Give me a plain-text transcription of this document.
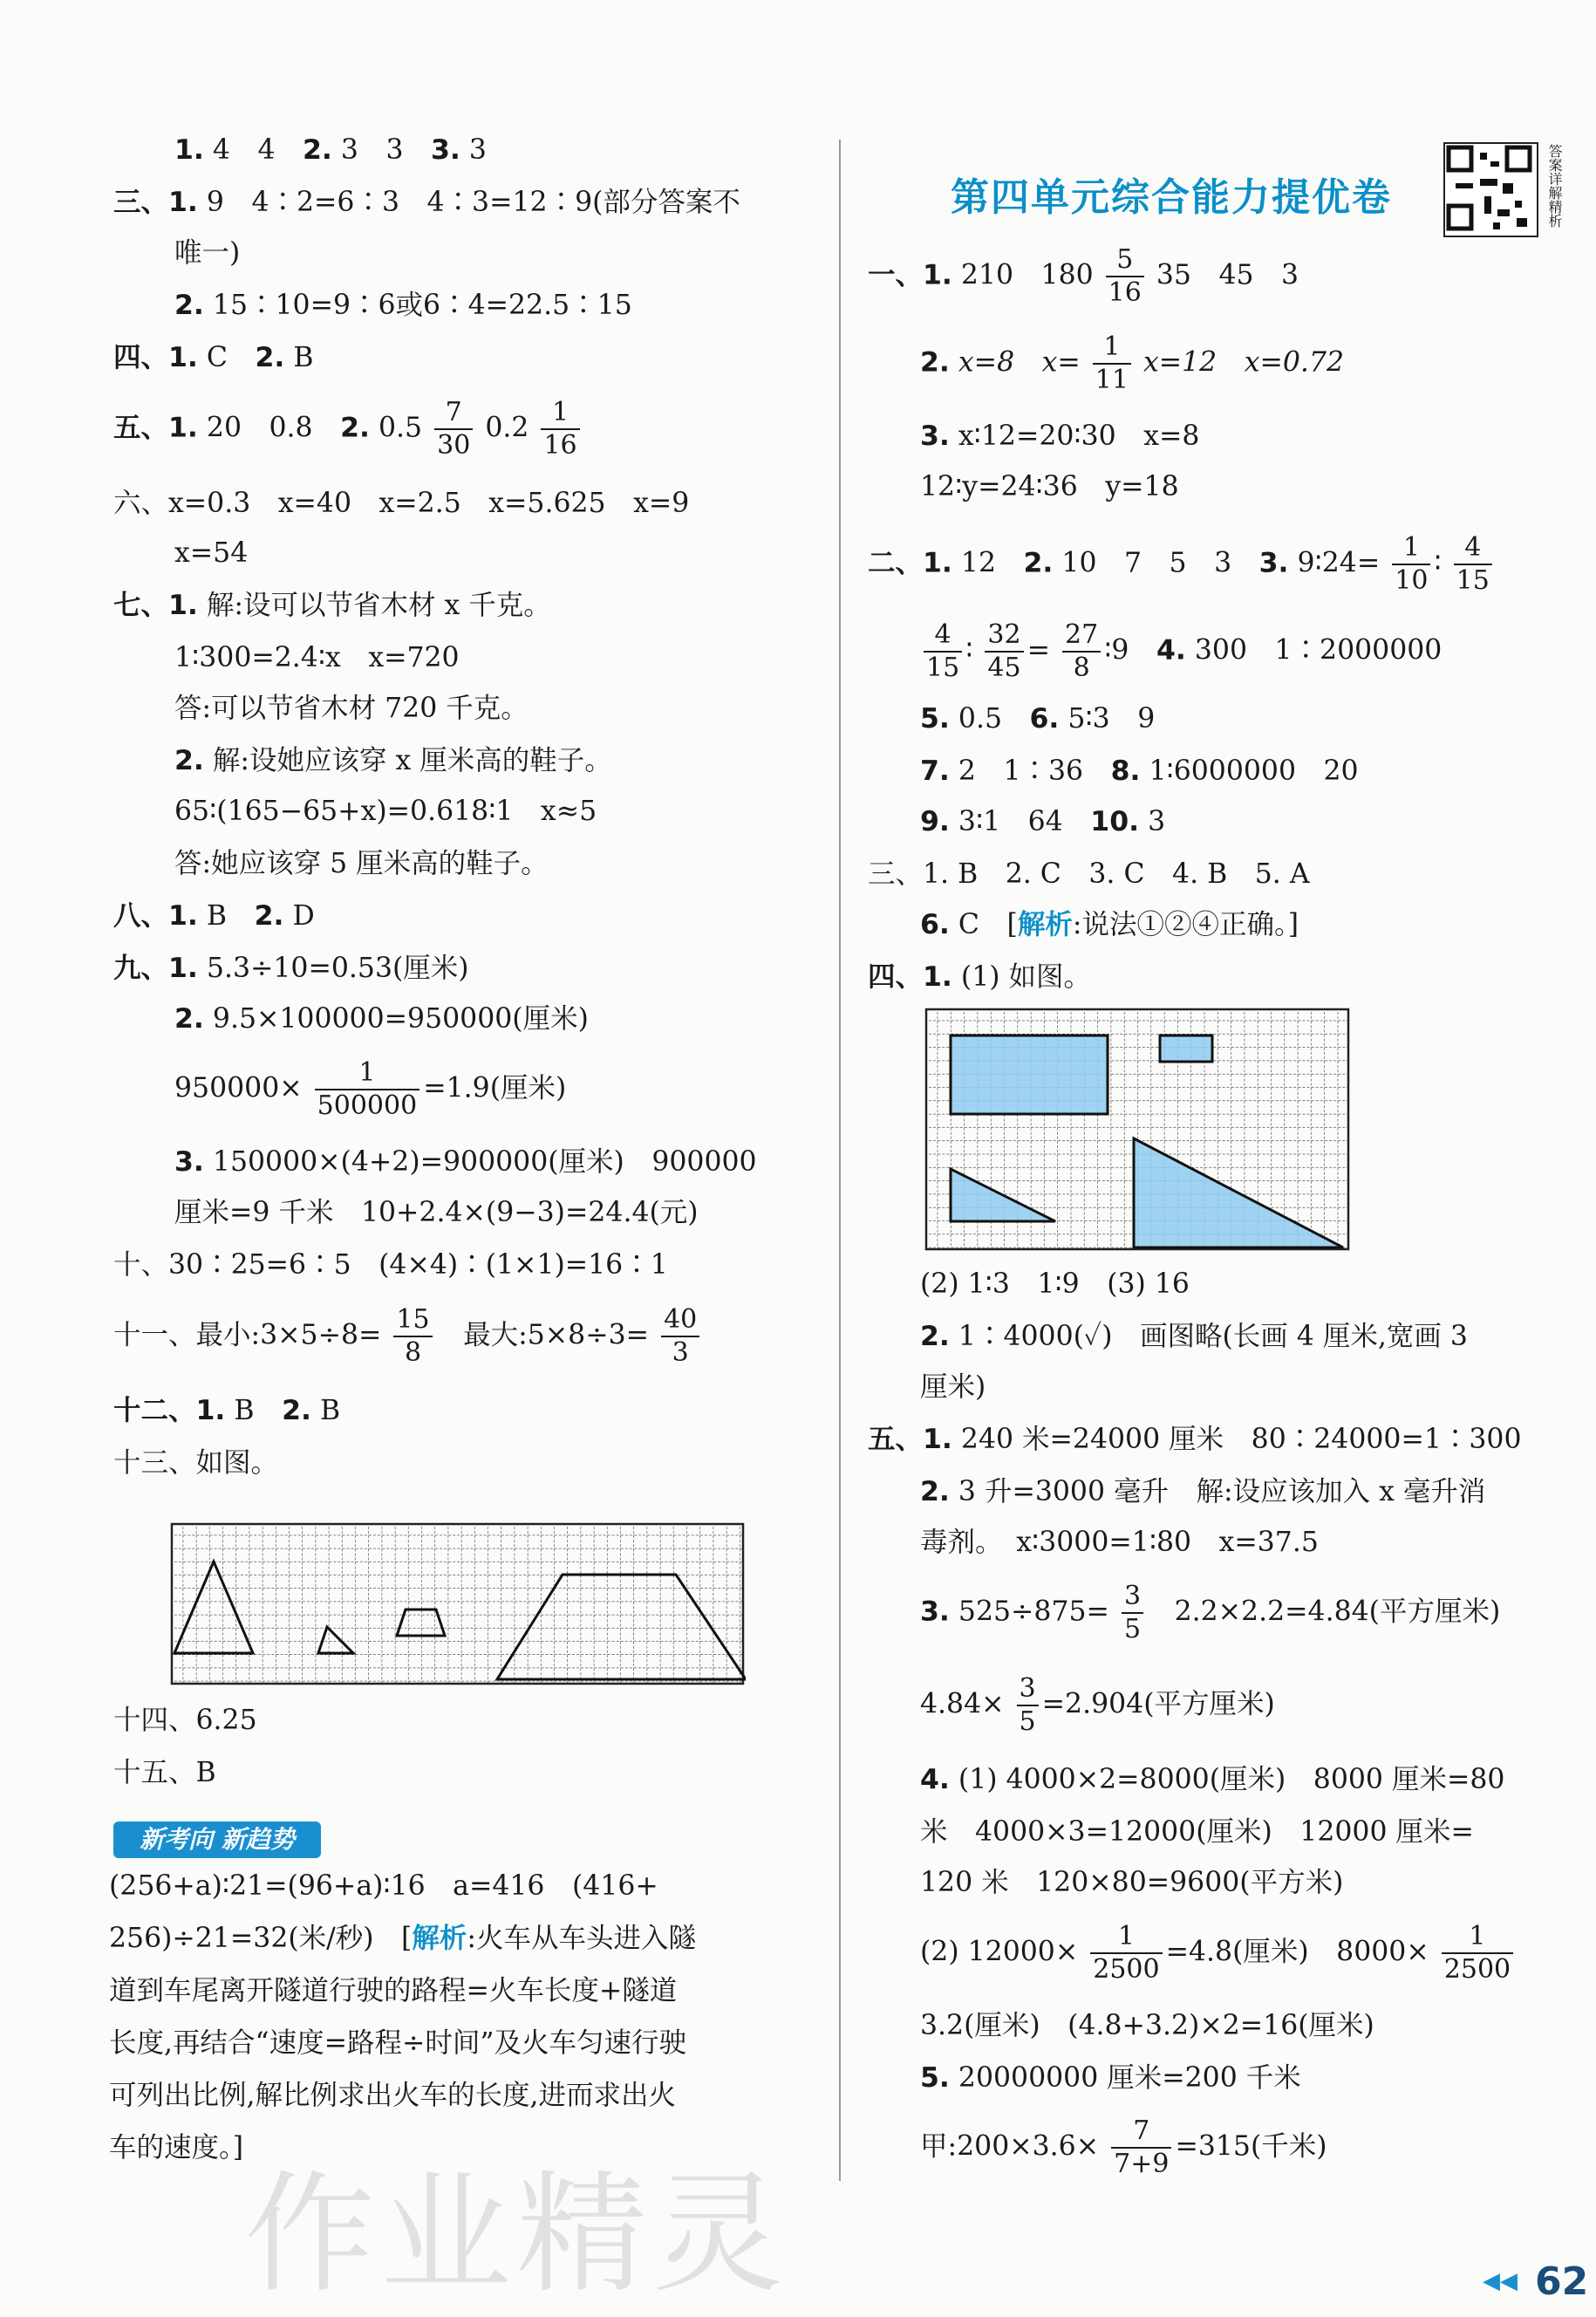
1. 4　4　2. 3　3　3. 3
三、1. 9　4∶2=6∶3　4∶3=12∶9(部分答案不
唯一)
2. 15∶10=9∶6或6∶4=22.5∶15
四、1. C　2. B
五、1. 20　0.8　2. $0.5 \frac{7}{30} 0.2 \frac{1}{16}$
六、x=0.3　x=40　x=2.5　x=5.625　x=9
x=54
七、1. 解:设可以节省木材 x 千克。
1∶300=2.4∶x　x=720
答:可以节省木材 720 千克。
2. 解:设她应该穿 x 厘米高的鞋子。
65∶(165−65+x)=0.618∶1　x≈5
答:她应该穿 5 厘米高的鞋子。
八、1. B　2. D
九、1. 5.3÷10=0.53(厘米)
2. 9.5×100000=950000(厘米)
$950000\times \frac{1}{500000} =1.9$(厘米)
3. 150000×(4+2)=900000(厘米)　900000
厘米=9 千米　10+2.4×(9−3)=24.4(元)
十、30∶25=6∶5　(4×4)∶(1×1)=16∶1
十一、最小:3×5÷8= $\frac{15}{8}$ 　最大:5×8÷3= $\frac{40}{3}$
十二、1. B　2. B
十三、如图。
十四、6.25
十五、B
(256+a)∶21=(96+a)∶16　a=416　(416+
256)÷21=32(米/秒)　[解析:火车从车头进入隧
道到车尾离开隧道行驶的路程=火车长度+隧道
长度,再结合“速度=路程÷时间”及火车匀速行驶
可列出比例,解比例求出火车的长度,进而求出火
车的速度。]
新考向 新趋势
第四单元综合能力提优卷	答案详解精析
一、1. 210　$180 \frac{5}{16} 35$　45　3
2. x=8　$x= \frac{1}{11} x=12$　x=0.72
3. x∶12=20∶30　x=8
12∶y=24∶36　y=18
二、1. 12　2. 10　7　5　3　3. 9∶24= $\frac{1}{10}$ ∶ $\frac{4}{15}$
$\frac{4}{15}$ ∶ $\frac{32}{45} = \frac{27}{8}$ ∶9　4. 300　1∶2000000
5. 0.5　6. 5∶3　9
7. 2　1∶36　8. 1∶6000000　20
9. 3∶1　64　10. 3
三、1. B　2. C　3. C　4. B　5. A
6. C　[解析:说法①②④正确。]
四、1. (1) 如图。
(2) 1∶3　1∶9　(3) 16
2. 1∶4000(✓)　画图略(长画 4 厘米,宽画 3
厘米)
五、1. 240 米=24000 厘米　80∶24000=1∶300
2. 3 升=3000 毫升　解:设应该加入 x 毫升消
毒剂。　x∶3000=1∶80　x=37.5
3. $525\div 875= \frac{3}{5}$ 　2.2×2.2=4.84(平方厘米)
$4.84\times \frac{3}{5} =2.904$(平方厘米)
4. (1) 4000×2=8000(厘米)　8000 厘米=80
米　4000×3=12000(厘米)　12000 厘米=
120 米　120×80=9600(平方米)
(2) $12000\times \frac{1}{2500} =4.8$(厘米)　$8000\times \frac{1}{2500}$
3.2(厘米)　(4.8+3.2)×2=16(厘米)
5. 20000000 厘米=200 千米
甲:200×3.6× $\frac{7}{7+9} =315$(千米)
作业精灵	◀◀ 62
